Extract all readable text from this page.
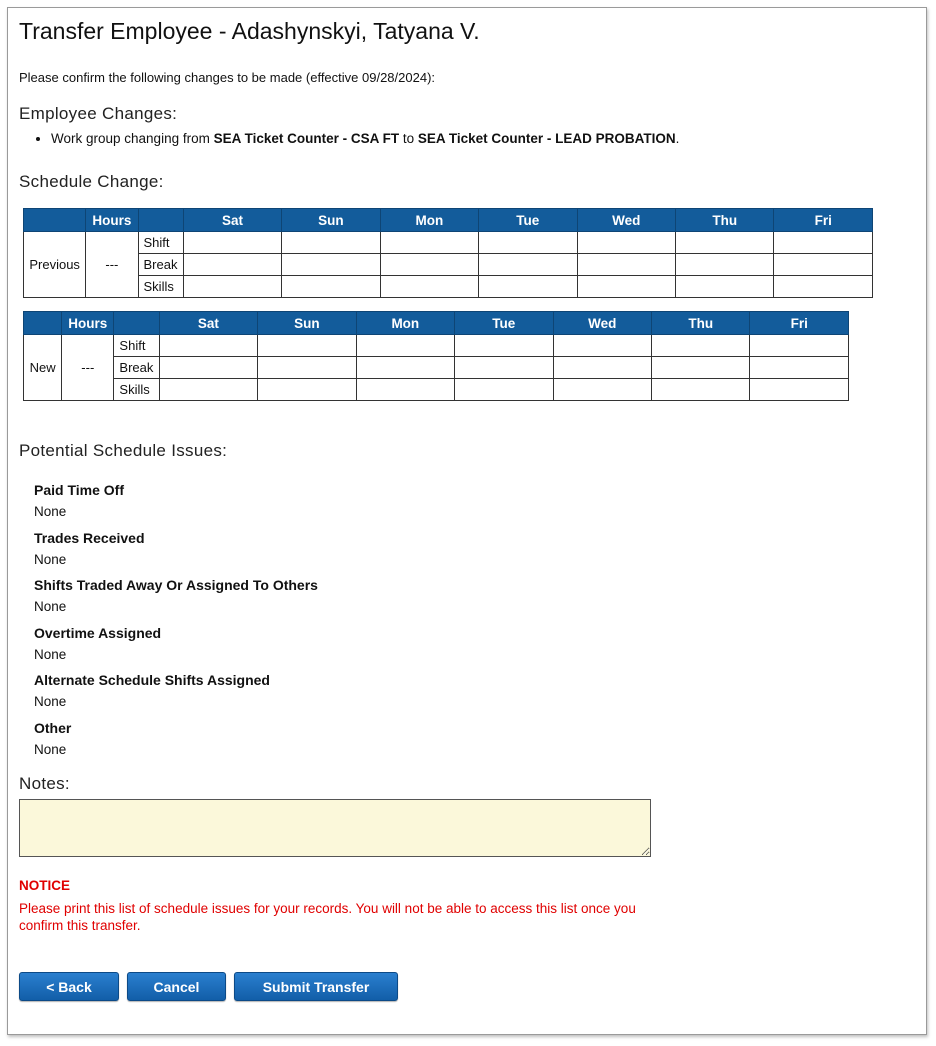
Transfer Employee - Adashynskyi, Tatyana V.
Please confirm the following changes to be made (effective 09/28/2024):
Employee Changes:
• Work group changing from SEA Ticket Counter - CSA FT to SEA Ticket Counter - LEAD PROBATION.
Schedule Change:
	Hours		Sat	Sun	Mon	Tue	Wed	Thu	Fri
Previous	---	Shift							
		Break							
		Skills							
	Hours		Sat	Sun	Mon	Tue	Wed	Thu	Fri
New	---	Shift							
		Break							
		Skills							
Potential Schedule Issues:

Paid Time Off

None

Trades Received

None

Shifts Traded Away Or Assigned To Others

None

Overtime Assigned

None

Alternate Schedule Shifts Assigned

None

Other

None

Notes:
NOTICE
Please print this list of schedule issues for your records. You will not be able to access this list once you confirm this transfer.
< Back	Cancel	Submit Transfer
